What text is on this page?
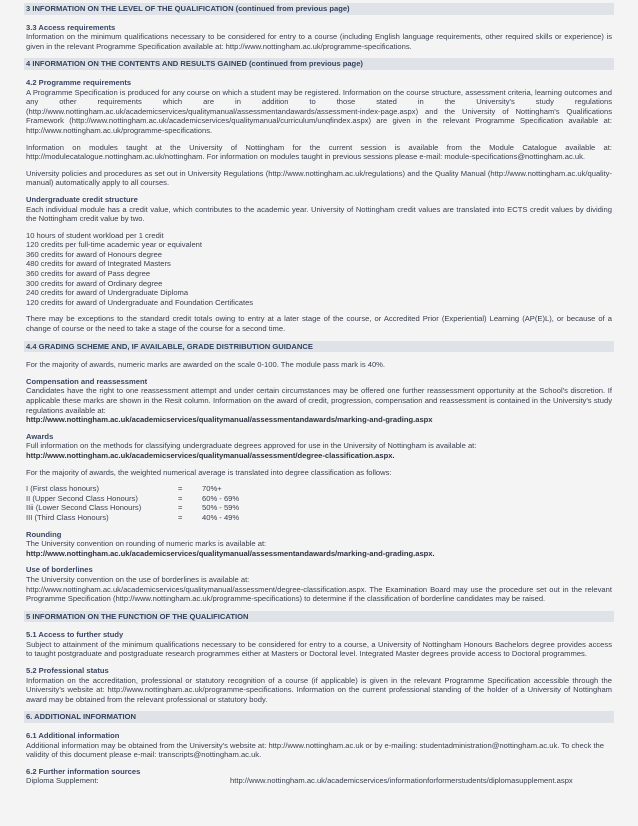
3 INFORMATION ON THE LEVEL OF THE QUALIFICATION (continued from previous page)
3.3 Access requirements
Information on the minimum qualifications necessary to be considered for entry to a course (including English language requirements, other required skills or experience) is given in the relevant Programme Specification available at: http://www.nottingham.ac.uk/programme-specifications.
4 INFORMATION ON THE CONTENTS AND RESULTS GAINED (continued from previous page)
4.2 Programme requirements
A Programme Specification is produced for any course on which a student may be registered. Information on the course structure, assessment criteria, learning outcomes and any other requirements which are in addition to those stated in the University's study regulations (http://www.nottingham.ac.uk/academicservices/qualitymanual/assessmentandawards/assessment-index-page.aspx) and the University of Nottingham's Qualifications Framework (http://www.nottingham.ac.uk/academicservices/qualitymanual/curriculum/unqfindex.aspx) are given in the relevant Programme Specification available at: http://www.nottingham.ac.uk/programme-specifications.
Information on modules taught at the University of Nottingham for the current session is available from the Module Catalogue available at: http://modulecatalogue.nottingham.ac.uk/nottingham. For information on modules taught in previous sessions please e-mail: module-specifications@nottingham.ac.uk.
University policies and procedures as set out in University Regulations (http://www.nottingham.ac.uk/regulations) and the Quality Manual (http://www.nottingham.ac.uk/quality-manual) automatically apply to all courses.
Undergraduate credit structure
Each individual module has a credit value, which contributes to the academic year. University of Nottingham credit values are translated into ECTS credit values by dividing the Nottingham credit value by two.
10 hours of student workload per 1 credit
120 credits per full-time academic year or equivalent
360 credits for award of Honours degree
480 credits for award of Integrated Masters
360 credits for award of Pass degree
300 credits for award of Ordinary degree
240 credits for award of Undergraduate Diploma
120 credits for award of Undergraduate and Foundation Certificates
There may be exceptions to the standard credit totals owing to entry at a later stage of the course, or Accredited Prior (Experiential) Learning (AP(E)L), or because of a change of course or the need to take a stage of the course for a second time.
4.4 GRADING SCHEME AND, IF AVAILABLE, GRADE DISTRIBUTION GUIDANCE
For the majority of awards, numeric marks are awarded on the scale 0-100. The module pass mark is 40%.
Compensation and reassessment
Candidates have the right to one reassessment attempt and under certain circumstances may be offered one further reassessment opportunity at the School's discretion. If applicable these marks are shown in the Resit column. Information on the award of credit, progression, compensation and reassessment is contained in the University's study regulations available at:
http://www.nottingham.ac.uk/academicservices/qualitymanual/assessmentandawards/marking-and-grading.aspx
Awards
Full information on the methods for classifying undergraduate degrees approved for use in the University of Nottingham is available at:
http://www.nottingham.ac.uk/academicservices/qualitymanual/assessment/degree-classification.aspx.
For the majority of awards, the weighted numerical average is translated into degree classification as follows:
I (First class honours)	=	70%+
II (Upper Second Class Honours)	=	60% - 69%
IIii (Lower Second Class Honours)	=	50% - 59%
III (Third Class Honours)	=	40% - 49%
Rounding
The University convention on rounding of numeric marks is available at:
http://www.nottingham.ac.uk/academicservices/qualitymanual/assessmentandawards/marking-and-grading.aspx.
Use of borderlines
The University convention on the use of borderlines is available at:
http://www.nottingham.ac.uk/academicservices/qualitymanual/assessment/degree-classification.aspx. The Examination Board may use the procedure set out in the relevant Programme Specification (http://www.nottingham.ac.uk/programme-specifications) to determine if the classification of borderline candidates may be raised.
5 INFORMATION ON THE FUNCTION OF THE QUALIFICATION
5.1 Access to further study
Subject to attainment of the minimum qualifications necessary to be considered for entry to a course, a University of Nottingham Honours Bachelors degree provides access to taught postgraduate and postgraduate research programmes either at Masters or Doctoral level. Integrated Master degrees provide access to Doctoral programmes.
5.2 Professional status
Information on the accreditation, professional or statutory recognition of a course (if applicable) is given in the relevant Programme Specification accessible through the University's website at: http://www.nottingham.ac.uk/programme-specifications. Information on the current professional standing of the holder of a University of Nottingham award may be obtained from the relevant professional or statutory body.
6. ADDITIONAL INFORMATION
6.1 Additional information
Additional information may be obtained from the University's website at: http://www.nottingham.ac.uk or by e-mailing: studentadministration@nottingham.ac.uk. To check the validity of this document please e-mail: transcripts@nottingham.ac.uk.
6.2 Further information sources
Diploma Supplement:	http://www.nottingham.ac.uk/academicservices/informationforformerstudents/diplomasupplement.aspx
